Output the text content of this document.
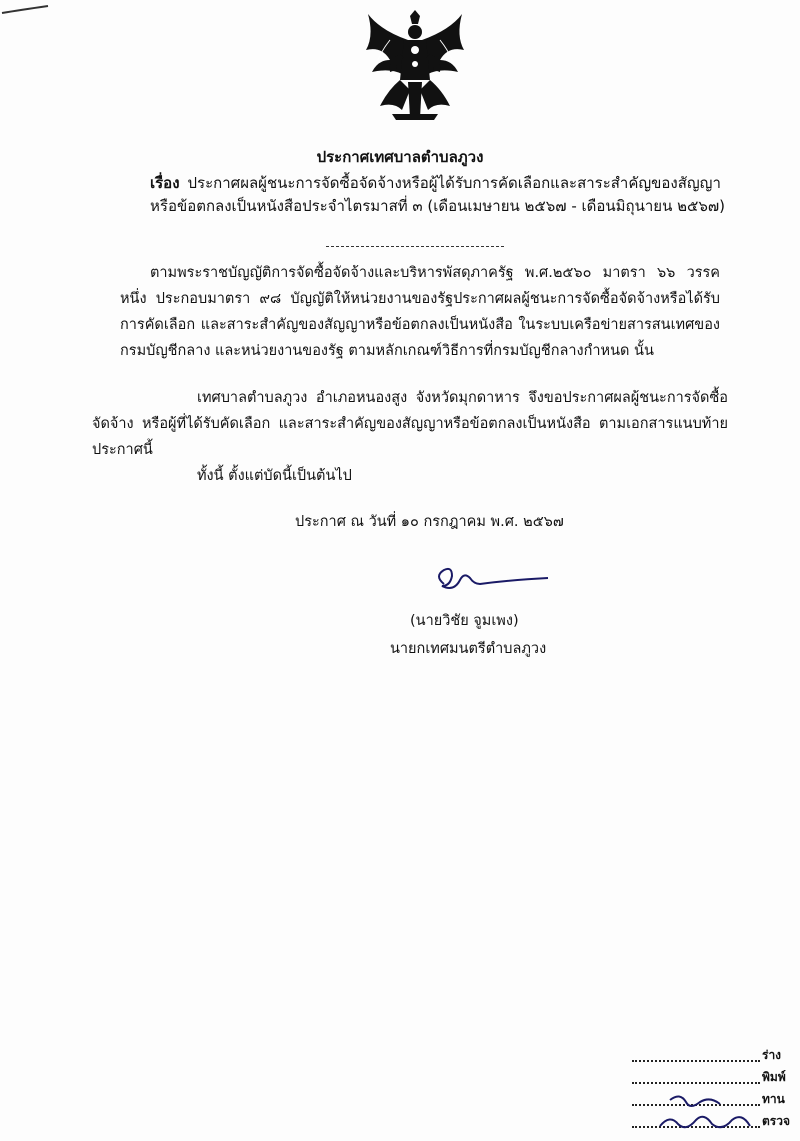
ประกาศเทศบาลตำบลภูวง
เรื่อง ประกาศผลผู้ชนะการจัดซื้อจัดจ้างหรือผู้ได้รับการคัดเลือกและสาระสำคัญของสัญญา
หรือข้อตกลงเป็นหนังสือประจำไตรมาสที่ ๓ (เดือนเมษายน ๒๕๖๗ - เดือนมิถุนายน ๒๕๖๗)
ตามพระราชบัญญัติการจัดซื้อจัดจ้างและบริหารพัสดุภาครัฐ พ.ศ.๒๕๖๐ มาตรา ๖๖ วรรคหนึ่ง ประกอบมาตรา ๙๘ บัญญัติให้หน่วยงานของรัฐประกาศผลผู้ชนะการจัดซื้อจัดจ้างหรือได้รับการคัดเลือก และสาระสำคัญของสัญญาหรือข้อตกลงเป็นหนังสือ ในระบบเครือข่ายสารสนเทศของกรมบัญชีกลาง และหน่วยงานของรัฐ ตามหลักเกณฑ์วิธีการที่กรมบัญชีกลางกำหนด นั้น
เทศบาลตำบลภูวง อำเภอหนองสูง จังหวัดมุกดาหาร จึงขอประกาศผลผู้ชนะการจัดซื้อจัดจ้าง หรือผู้ที่ได้รับคัดเลือก และสาระสำคัญของสัญญาหรือข้อตกลงเป็นหนังสือ ตามเอกสารแนบท้ายประกาศนี้
ทั้งนี้ ตั้งแต่บัดนี้เป็นต้นไป
ประกาศ ณ วันที่ ๑๐ กรกฎาคม พ.ศ. ๒๕๖๗
(นายวิชัย จูมเพง)
นายกเทศมนตรีตำบลภูวง
ร่าง
พิมพ์
ทาน
ตรวจ
